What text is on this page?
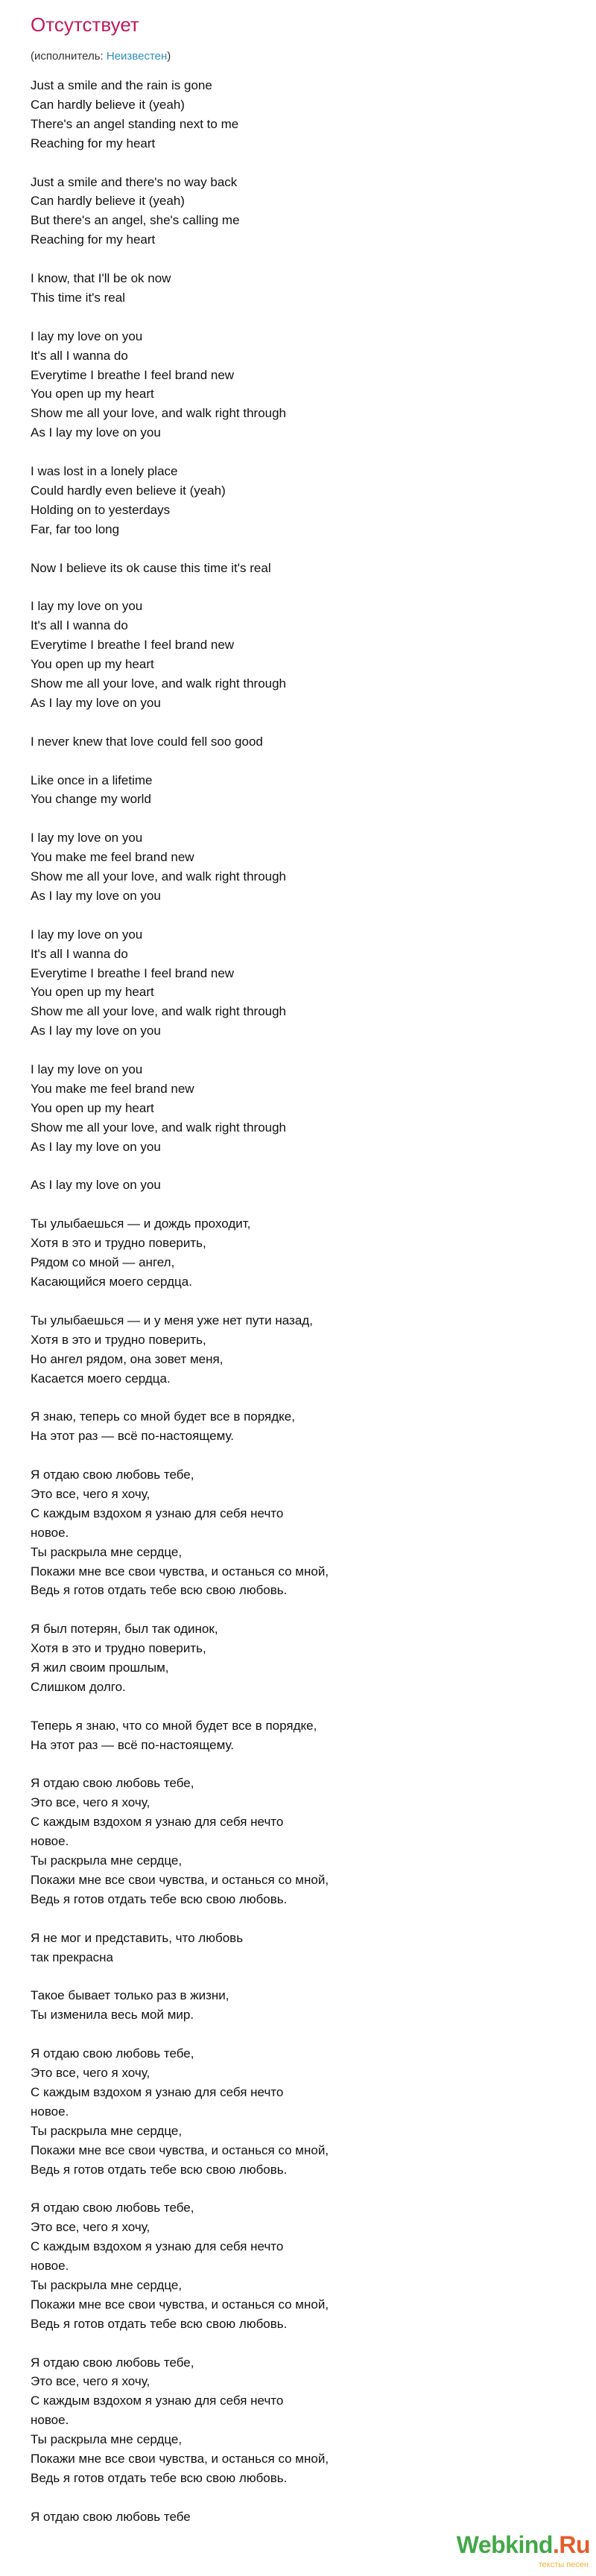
Отсутствует
(исполнитель: Неизвестен)
Just a smile and the rain is gone
Can hardly believe it (yeah)
There's an angel standing next to me
Reaching for my heart
Just a smile and there's no way back
Can hardly believe it (yeah)
But there's an angel, she's calling me
Reaching for my heart
I know, that I'll be ok now
This time it's real
I lay my love on you
It's all I wanna do
Everytime I breathe I feel brand new
You open up my heart
Show me all your love, and walk right through
As I lay my love on you
I was lost in a lonely place
Could hardly even believe it (yeah)
Holding on to yesterdays
Far, far too long
Now I believe its ok cause this time it's real
I lay my love on you
It's all I wanna do
Everytime I breathe I feel brand new
You open up my heart
Show me all your love, and walk right through
As I lay my love on you
I never knew that love could fell soo good
Like once in a lifetime
You change my world
I lay my love on you
You make me feel brand new
Show me all your love, and walk right through
As I lay my love on you
I lay my love on you
It's all I wanna do
Everytime I breathe I feel brand new
You open up my heart
Show me all your love, and walk right through
As I lay my love on you
I lay my love on you
You make me feel brand new
You open up my heart
Show me all your love, and walk right through
As I lay my love on you
As I lay my love on you
Ты улыбаешься — и дождь проходит,
Хотя в это и трудно поверить,
Рядом со мной — ангел,
Касающийся моего сердца.
Ты улыбаешься — и у меня уже нет пути назад,
Хотя в это и трудно поверить,
Но ангел рядом, она зовет меня,
Касается моего сердца.
Я знаю, теперь со мной будет все в порядке,
На этот раз — всё по-настоящему.
Я отдаю свою любовь тебе,
Это все, чего я хочу,
С каждым вздохом я узнаю для себя нечто
новое.
Ты раскрыла мне сердце,
Покажи мне все свои чувства, и останься со мной,
Ведь я готов отдать тебе всю свою любовь.
Я был потерян, был так одинок,
Хотя в это и трудно поверить,
Я жил своим прошлым,
Слишком долго.
Теперь я знаю, что со мной будет все в порядке,
На этот раз — всё по-настоящему.
Я отдаю свою любовь тебе,
Это все, чего я хочу,
С каждым вздохом я узнаю для себя нечто
новое.
Ты раскрыла мне сердце,
Покажи мне все свои чувства, и останься со мной,
Ведь я готов отдать тебе всю свою любовь.
Я не мог и представить, что любовь
так прекрасна
Такое бывает только раз в жизни,
Ты изменила весь мой мир.
Я отдаю свою любовь тебе,
Это все, чего я хочу,
С каждым вздохом я узнаю для себя нечто
новое.
Ты раскрыла мне сердце,
Покажи мне все свои чувства, и останься со мной,
Ведь я готов отдать тебе всю свою любовь.
Я отдаю свою любовь тебе,
Это все, чего я хочу,
С каждым вздохом я узнаю для себя нечто
новое.
Ты раскрыла мне сердце,
Покажи мне все свои чувства, и останься со мной,
Ведь я готов отдать тебе всю свою любовь.
Я отдаю свою любовь тебе,
Это все, чего я хочу,
С каждым вздохом я узнаю для себя нечто
новое.
Ты раскрыла мне сердце,
Покажи мне все свои чувства, и останься со мной,
Ведь я готов отдать тебе всю свою любовь.
Я отдаю свою любовь тебе
Webkind.Ru
тексты песен
